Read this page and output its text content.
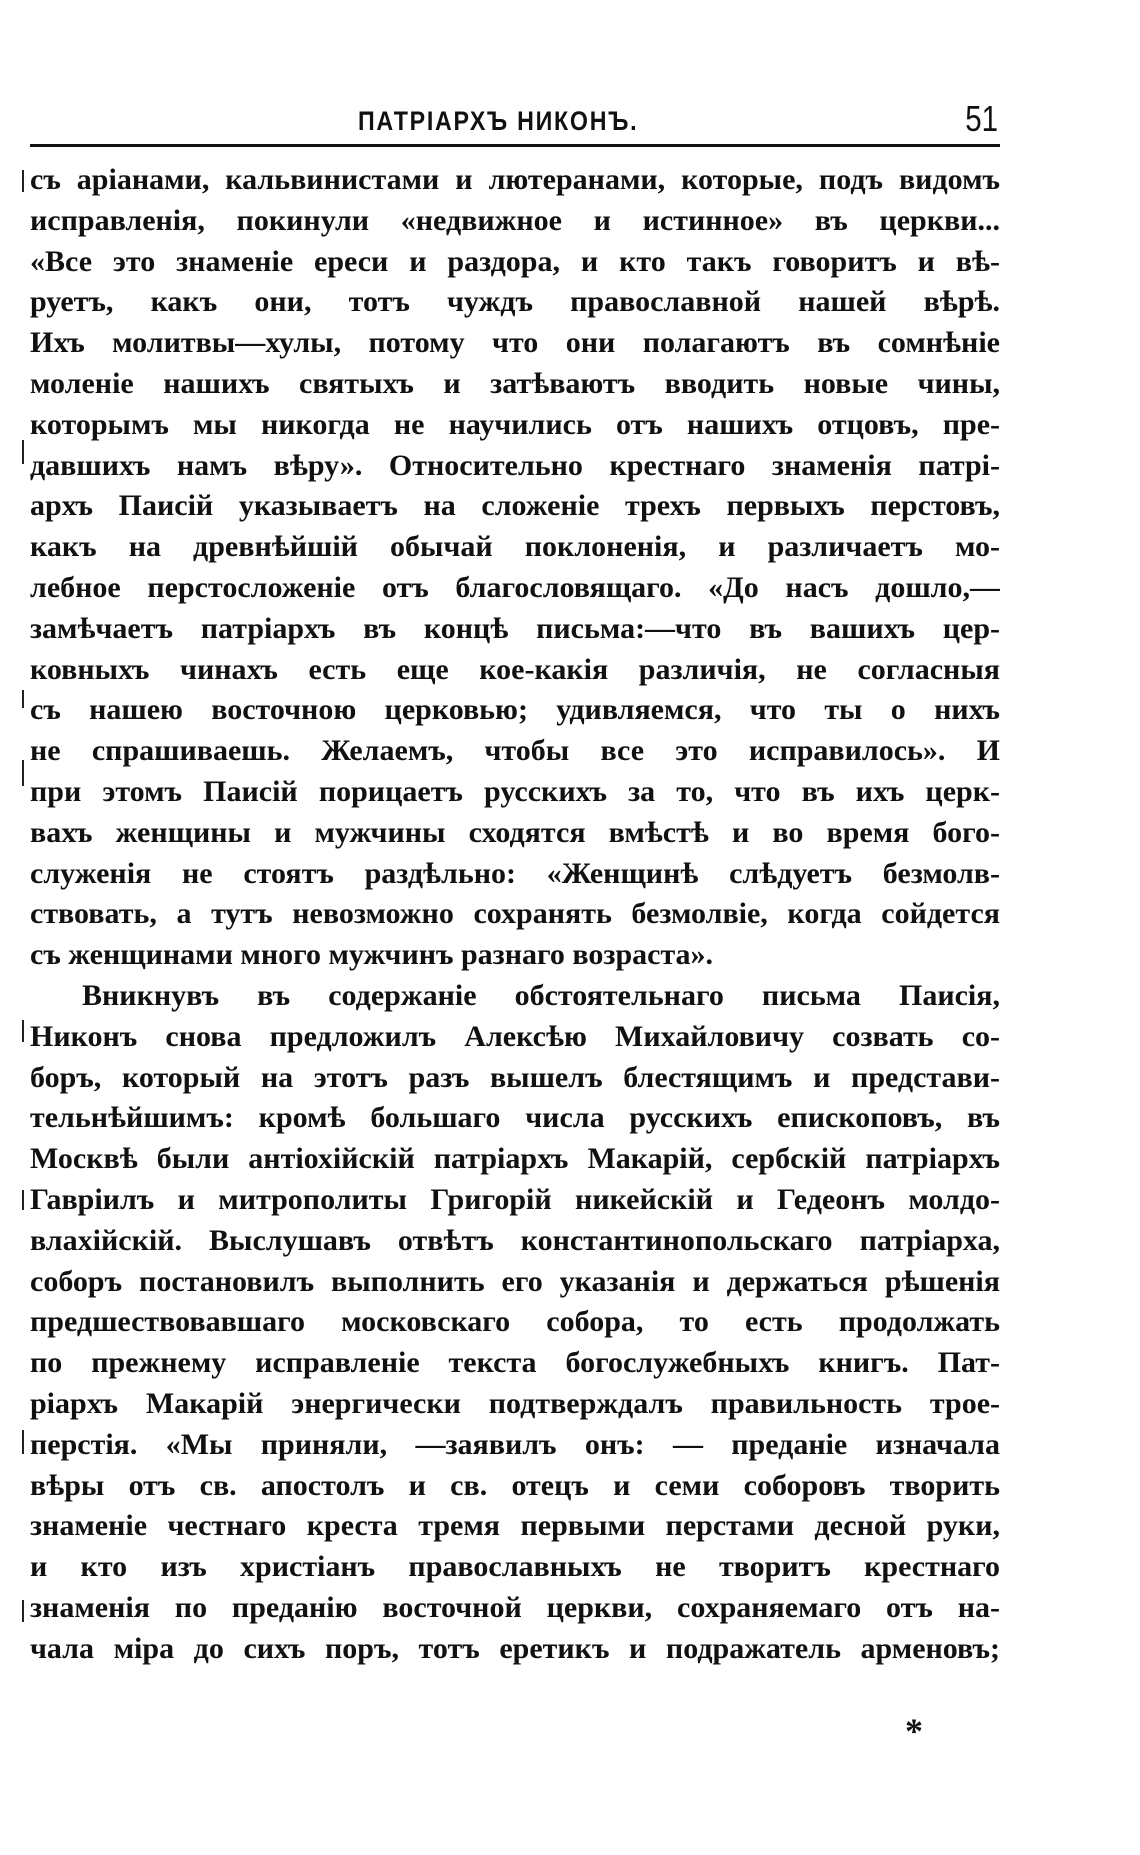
ПАТРІАРХЪ НИКОНЪ.	51
съ аріанами, кальвинистами и лютеранами, которые, подъ видомъ
исправленія, покинули «недвижное и истинное» въ церкви...
«Все это знаменіе ереси и раздора, и кто такъ говоритъ и вѣ-
руетъ, какъ они, тотъ чуждъ православной нашей вѣрѣ.
Ихъ молитвы—хулы, потому что они полагаютъ въ сомнѣніе
моленіе нашихъ святыхъ и затѣваютъ вводить новые чины,
которымъ мы никогда не научились отъ нашихъ отцовъ, пре-
давшихъ намъ вѣру». Относительно крестнаго знаменія патрі-
архъ Паисій указываетъ на сложеніе трехъ первыхъ перстовъ,
какъ на древнѣйшій обычай поклоненія, и различаетъ мо-
лебное перстосложеніе отъ благословящаго. «До насъ дошло,—
замѣчаетъ патріархъ въ концѣ письма:—что въ вашихъ цер-
ковныхъ чинахъ есть еще кое-какія различія, не согласныя
съ нашею восточною церковью; удивляемся, что ты о нихъ
не спрашиваешь. Желаемъ, чтобы все это исправилось». И
при этомъ Паисій порицаетъ русскихъ за то, что въ ихъ церк-
вахъ женщины и мужчины сходятся вмѣстѣ и во время бого-
служенія не стоятъ раздѣльно: «Женщинѣ слѣдуетъ безмолв-
ствовать, а тутъ невозможно сохранять безмолвіе, когда сойдется
съ женщинами много мужчинъ разнаго возраста».
Вникнувъ въ содержаніе обстоятельнаго письма Паисія,
Никонъ снова предложилъ Алексѣю Михайловичу созвать со-
боръ, который на этотъ разъ вышелъ блестящимъ и представи-
тельнѣйшимъ: кромѣ большаго числа русскихъ епископовъ, въ
Москвѣ были антіохійскій патріархъ Макарій, сербскій патріархъ
Гавріилъ и митрополиты Григорій никейскій и Гедеонъ молдо-
влахійскій. Выслушавъ отвѣтъ константинопольскаго патріарха,
соборъ постановилъ выполнить его указанія и держаться рѣшенія
предшествовавшаго московскаго собора, то есть продолжать
по прежнему исправленіе текста богослужебныхъ книгъ. Пат-
ріархъ Макарій энергически подтверждалъ правильность трое-
перстія. «Мы приняли, —заявилъ онъ: — преданіе изначала
вѣры отъ св. апостолъ и св. отецъ и семи соборовъ творить
знаменіе честнаго креста тремя первыми перстами десной руки,
и кто изъ христіанъ православныхъ не творитъ крестнаго
знаменія по преданію восточной церкви, сохраняемаго отъ на-
чала міра до сихъ поръ, тотъ еретикъ и подражатель арменовъ;
*
